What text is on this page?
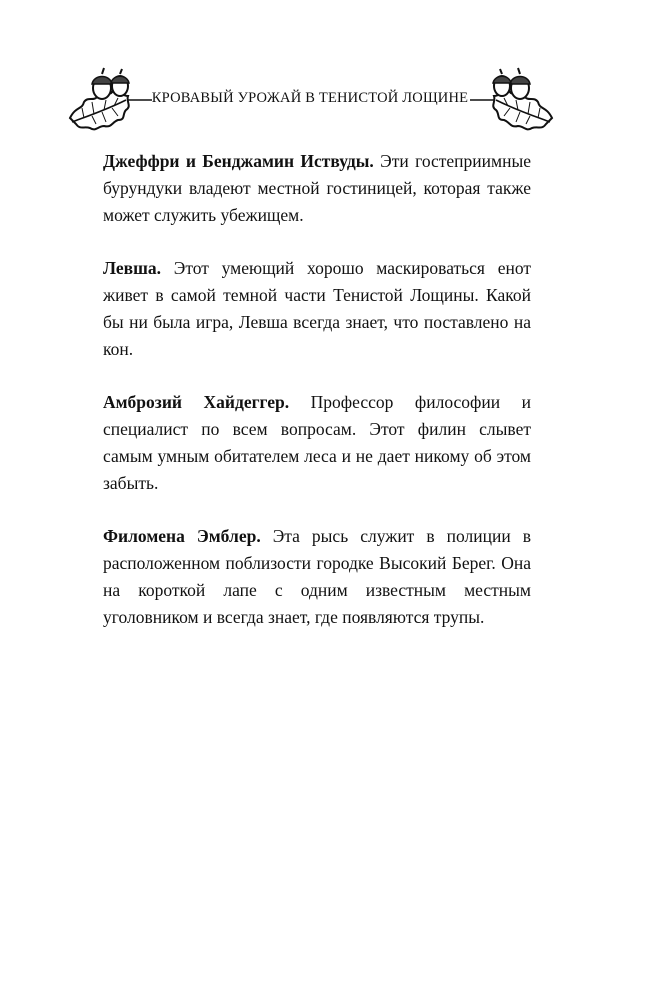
КРОВАВЫЙ УРОЖАЙ В ТЕНИСТОЙ ЛОЩИНЕ

Джеффри и Бенджамин Иствуды. Эти гостеприимные бурундуки владеют местной гостиницей, которая также может служить убежищем.

Левша. Этот умеющий хорошо маскироваться енот живет в самой темной части Тенистой Лощины. Какой бы ни была игра, Левша всегда знает, что поставлено на кон.

Амброзий Хайдеггер. Профессор философии и специалист по всем вопросам. Этот филин слывет самым умным обитателем леса и не дает никому об этом забыть.

Филомена Эмблер. Эта рысь служит в полиции в расположенном поблизости городке Высокий Берег. Она на короткой лапе с одним известным местным уголовником и всегда знает, где появляются трупы.
